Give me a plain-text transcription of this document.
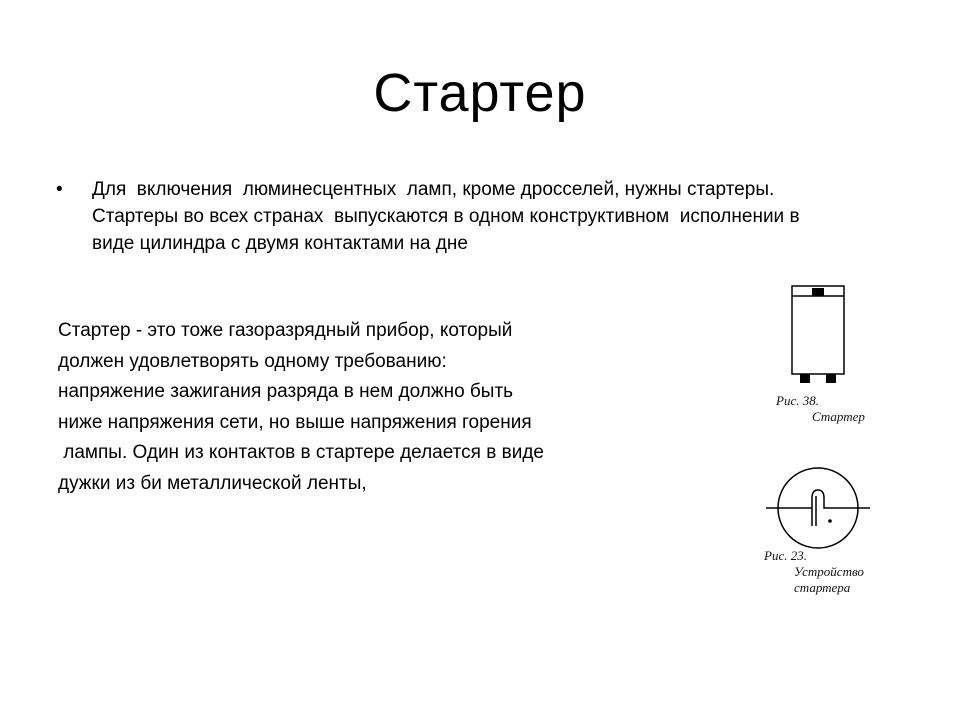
Стартер
• Для  включения  люминесцентных  ламп, кроме дросселей, нужны стартеры.
Стартеры во всех странах  выпускаются в одном конструктивном  исполнении в
виде цилиндра с двумя контактами на дне
Стартер - это тоже газоразрядный прибор, который
должен удовлетворять одному требованию:
напряжение зажигания разряда в нем должно быть
ниже напряжения сети, но выше напряжения горения
лампы. Один из контактов в стартере делается в виде
дужки из би металлической ленты,
Рис. 38.
Стартер
Рис. 23.
Устройство
стартера
